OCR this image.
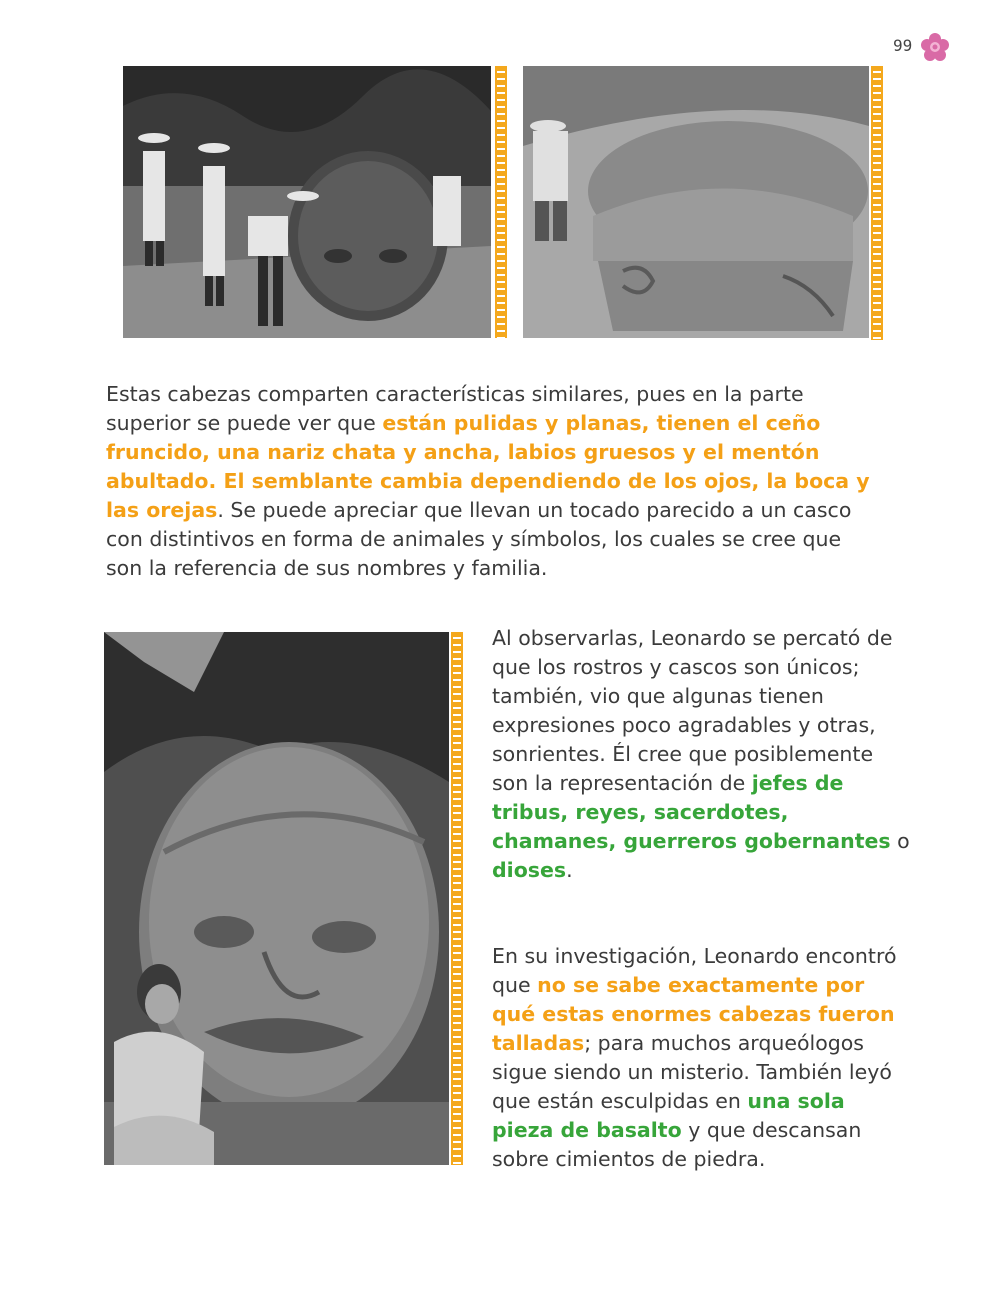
99

Estas cabezas comparten características similares, pues en la parte superior se puede ver que están pulidas y planas, tienen el ceño fruncido, una nariz chata y ancha, labios gruesos y el mentón abultado. El semblante cambia dependiendo de los ojos, la boca y las orejas. Se puede apreciar que llevan un tocado parecido a un casco con distintivos en forma de animales y símbolos, los cuales se cree que son la referencia de sus nombres y familia.

Al observarlas, Leonardo se percató de que los rostros y cascos son únicos; también, vio que algunas tienen expresiones poco agradables y otras, sonrientes. Él cree que posiblemente son la representación de jefes de tribus, reyes, sacerdotes, chamanes, guerreros gobernantes o dioses.

En su investigación, Leonardo encontró que no se sabe exactamente por qué estas enormes cabezas fueron talladas; para muchos arqueólogos sigue siendo un misterio. También leyó que están esculpidas en una sola pieza de basalto y que descansan sobre cimientos de piedra.
